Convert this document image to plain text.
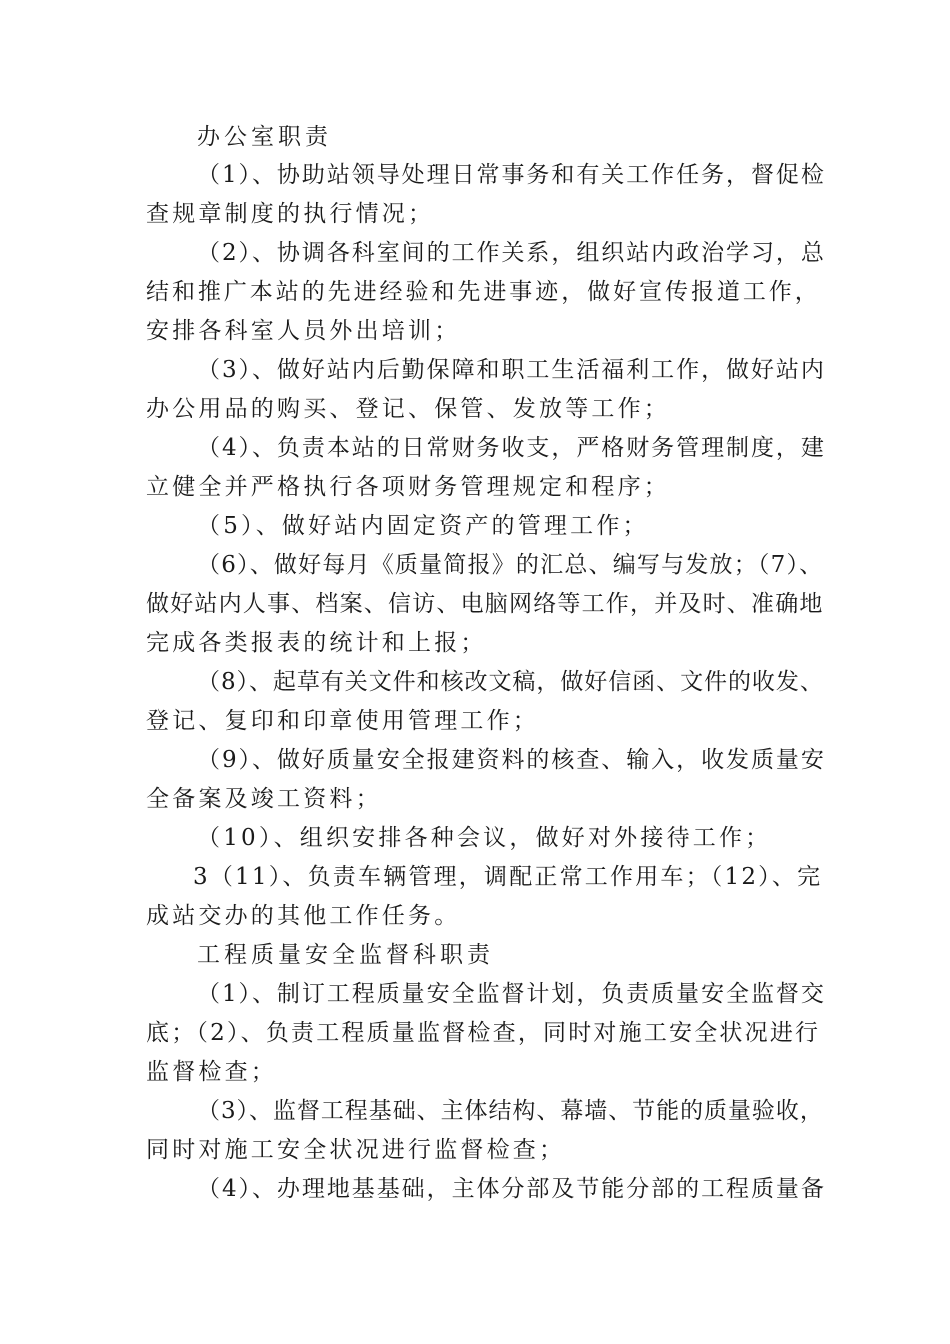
办公室职责
（1）、协助站领导处理日常事务和有关工作任务，督促检
查规章制度的执行情况；
（2）、协调各科室间的工作关系，组织站内政治学习，总
结和推广本站的先进经验和先进事迹，做好宣传报道工作，
安排各科室人员外出培训；
（3）、做好站内后勤保障和职工生活福利工作，做好站内
办公用品的购买、登记、保管、发放等工作；
（4）、负责本站的日常财务收支，严格财务管理制度，建
立健全并严格执行各项财务管理规定和程序；
（5）、做好站内固定资产的管理工作；
（6）、做好每月《质量简报》的汇总、编写与发放；（7）、
做好站内人事、档案、信访、电脑网络等工作，并及时、准确地
完成各类报表的统计和上报；
（8）、起草有关文件和核改文稿，做好信函、文件的收发、
登记、复印和印章使用管理工作；
（9）、做好质量安全报建资料的核查、输入，收发质量安
全备案及竣工资料；
（10）、组织安排各种会议，做好对外接待工作；
3（11）、负责车辆管理，调配正常工作用车；（12）、完
成站交办的其他工作任务。
工程质量安全监督科职责
（1）、制订工程质量安全监督计划，负责质量安全监督交
底；（2）、负责工程质量监督检查，同时对施工安全状况进行
监督检查；
（3）、监督工程基础、主体结构、幕墙、节能的质量验收，
同时对施工安全状况进行监督检查；
（4）、办理地基基础，主体分部及节能分部的工程质量备
